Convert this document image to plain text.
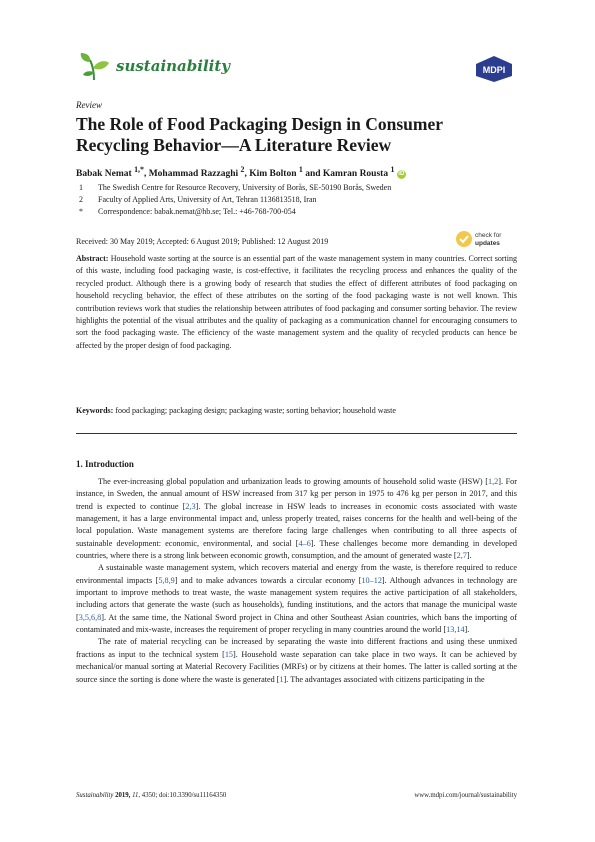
sustainability	MDPI
Review
The Role of Food Packaging Design in Consumer Recycling Behavior—A Literature Review
Babak Nemat $^{1,*}$, Mohammad Razzaghi $^2$, Kim Bolton $^1$ and Kamran Rousta $^1$ iD
1	The Swedish Centre for Resource Recovery, University of Borås, SE-50190 Borås, Sweden
2	Faculty of Applied Arts, University of Art, Tehran 1136813518, Iran
*	Correspondence: babak.nemat@hb.se; Tel.: +46-768-700-054
Received: 30 May 2019; Accepted: 6 August 2019; Published: 12 August 2019
check for
updates
Abstract: Household waste sorting at the source is an essential part of the waste management system in many countries. Correct sorting of this waste, including food packaging waste, is cost-effective, it facilitates the recycling process and enhances the quality of the recycled product. Although there is a growing body of research that studies the effect of different attributes of food packaging on household recycling behavior, the effect of these attributes on the sorting of the food packaging waste is not well known. This contribution reviews work that studies the relationship between attributes of food packaging and consumer sorting behavior. The review highlights the potential of the visual attributes and the quality of packaging as a communication channel for encouraging consumers to sort the food packaging waste. The efficiency of the waste management system and the quality of recycled products can hence be affected by the proper design of food packaging.
Keywords: food packaging; packaging design; packaging waste; sorting behavior; household waste
1. Introduction

The ever-increasing global population and urbanization leads to growing amounts of household solid waste (HSW) [1,2]. For instance, in Sweden, the annual amount of HSW increased from 317 kg per person in 1975 to 476 kg per person in 2017, and this trend is expected to continue [2,3]. The global increase in HSW leads to increases in economic costs associated with waste management, it has a large environmental impact and, unless properly treated, raises concerns for the health and well-being of the local population. Waste management systems are therefore facing large challenges when contributing to all three aspects of sustainable development: economic, environmental, and social [4–6]. These challenges become more demanding in developed countries, where there is a strong link between economic growth, consumption, and the amount of generated waste [2,7].

A sustainable waste management system, which recovers material and energy from the waste, is therefore required to reduce environmental impacts [5,8,9] and to make advances towards a circular economy [10–12]. Although advances in technology are important to improve methods to treat waste, the waste management system requires the active participation of all stakeholders, including actors that generate the waste (such as households), funding institutions, and the actors that manage the municipal waste [3,5,6,8]. At the same time, the National Sword project in China and other Southeast Asian countries, which bans the importing of contaminated and mix-waste, increases the requirement of proper recycling in many countries around the world [13,14].

The rate of material recycling can be increased by separating the waste into different fractions and using these unmixed fractions as input to the technical system [15]. Household waste separation can take place in two ways. It can be achieved by mechanical/or manual sorting at Material Recovery Facilities (MRFs) or by citizens at their homes. The latter is called sorting at the source since the sorting is done where the waste is generated [1]. The advantages associated with citizens participating in the

Sustainability 2019, 11, 4350; doi:10.3390/su11164350	www.mdpi.com/journal/sustainability
